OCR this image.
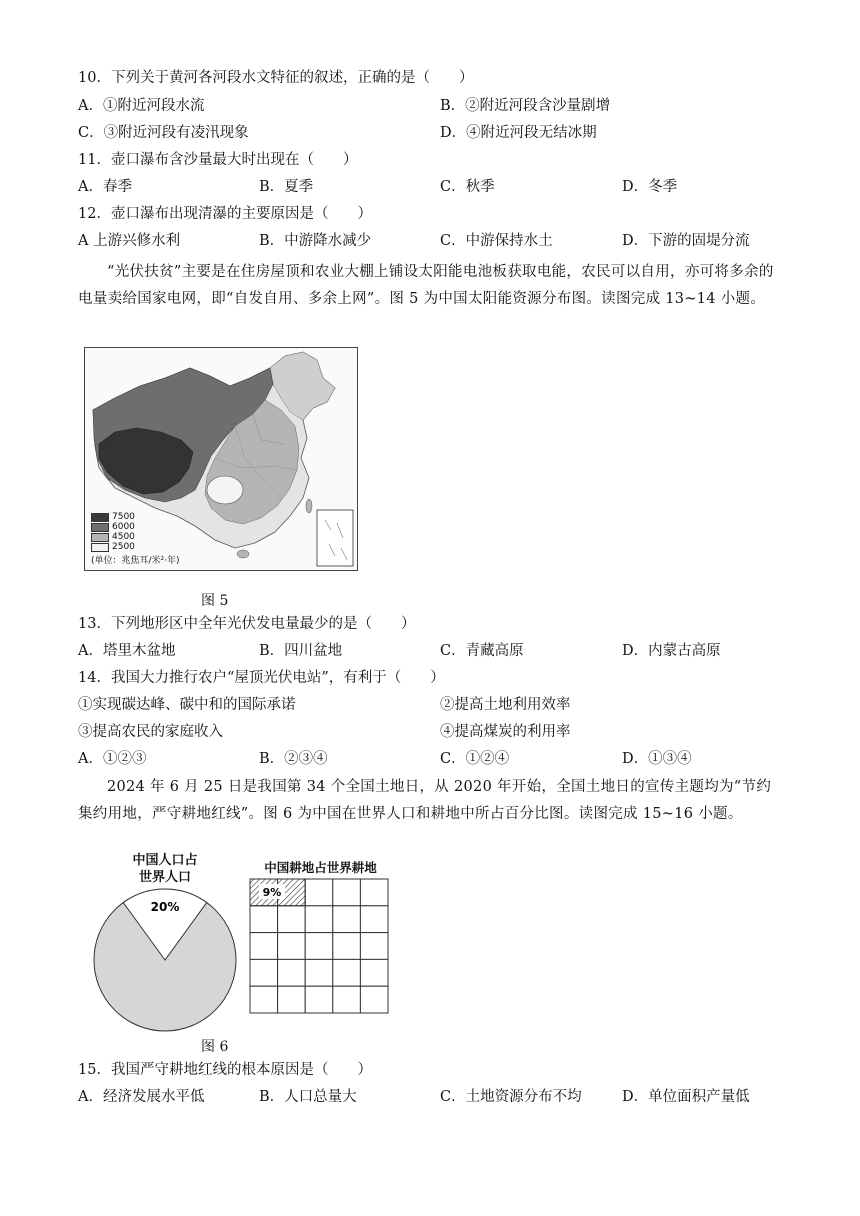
10．下列关于黄河各河段水文特征的叙述，正确的是（　　）
A．①附近河段水流	B．②附近河段含沙量剧增
C．③附近河段有凌汛现象	D．④附近河段无结冰期
11．壶口瀑布含沙量最大时出现在（　　）
A．春季	B．夏季	C．秋季	D．冬季
12．壶口瀑布出现清瀑的主要原因是（　　）
A 上游兴修水利	B．中游降水减少	C．中游保持水土	D．下游的固堤分流
“光伏扶贫”主要是在住房屋顶和农业大棚上铺设太阳能电池板获取电能，农民可以自用，亦可将多余的电量卖给国家电网，即“自发自用、多余上网”。图 5 为中国太阳能资源分布图。读图完成 13~14 小题。
7500
6000
4500
2500
(单位：兆焦耳/米²·年)
图 5
13．下列地形区中全年光伏发电量最少的是（　　）
A．塔里木盆地	B．四川盆地	C．青藏高原	D．内蒙古高原
14．我国大力推行农户“屋顶光伏电站”，有利于（　　）
①实现碳达峰、碳中和的国际承诺	②提高土地利用效率
③提高农民的家庭收入	④提高煤炭的利用率
A．①②③	B．②③④	C．①②④	D．①③④
2024 年 6 月 25 日是我国第 34 个全国土地日，从 2020 年开始，全国土地日的宣传主题均为“节约集约用地，严守耕地红线”。图 6 为中国在世界人口和耕地中所占百分比图。读图完成 15~16 小题。
中国人口占
世界人口
20%
中国耕地占世界耕地
9%
图 6
15．我国严守耕地红线的根本原因是（　　）
A．经济发展水平低	B．人口总量大	C．土地资源分布不均	D．单位面积产量低
